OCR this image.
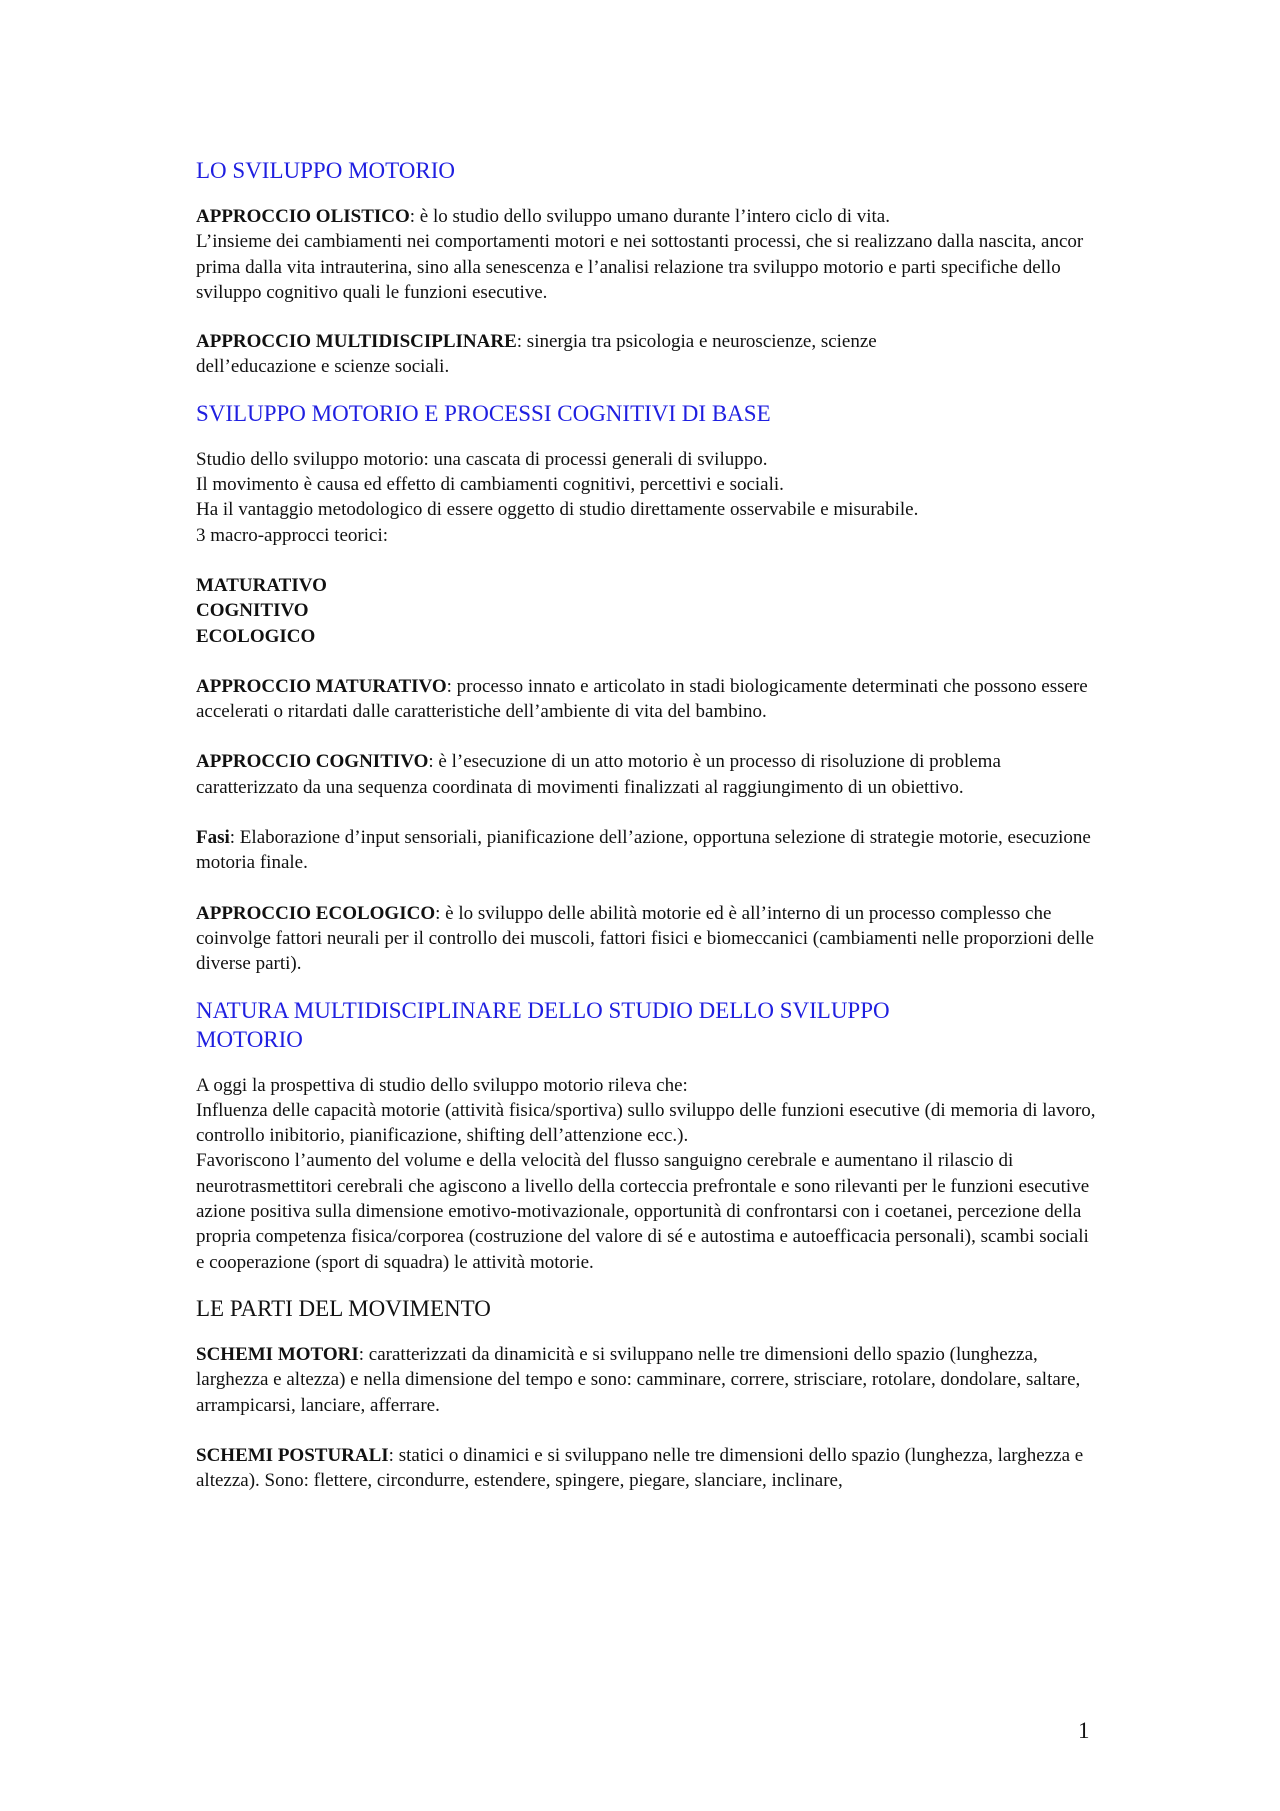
LO SVILUPPO MOTORIO

APPROCCIO OLISTICO: è lo studio dello sviluppo umano durante l’intero ciclo di vita.
L’insieme dei cambiamenti nei comportamenti motori e nei sottostanti processi, che si realizzano dalla nascita, ancor prima dalla vita intrauterina, sino alla senescenza e l’analisi relazione tra sviluppo motorio e parti specifiche dello sviluppo cognitivo quali le funzioni esecutive.

APPROCCIO MULTIDISCIPLINARE: sinergia tra psicologia e neuroscienze, scienze
dell’educazione e scienze sociali.

SVILUPPO MOTORIO E PROCESSI COGNITIVI DI BASE

Studio dello sviluppo motorio: una cascata di processi generali di sviluppo.
Il movimento è causa ed effetto di cambiamenti cognitivi, percettivi e sociali.
Ha il vantaggio metodologico di essere oggetto di studio direttamente osservabile e misurabile.
3 macro-approcci teorici:

MATURATIVO
COGNITIVO
ECOLOGICO

APPROCCIO MATURATIVO: processo innato e articolato in stadi biologicamente determinati che possono essere accelerati o ritardati dalle caratteristiche dell’ambiente di vita del bambino.

APPROCCIO COGNITIVO: è l’esecuzione di un atto motorio è un processo di risoluzione di problema caratterizzato da una sequenza coordinata di movimenti finalizzati al raggiungimento di un obiettivo.

Fasi: Elaborazione d’input sensoriali, pianificazione dell’azione, opportuna selezione di strategie motorie, esecuzione motoria finale.

APPROCCIO ECOLOGICO: è lo sviluppo delle abilità motorie ed è all’interno di un processo complesso che coinvolge fattori neurali per il controllo dei muscoli, fattori fisici e biomeccanici (cambiamenti nelle proporzioni delle diverse parti).

NATURA MULTIDISCIPLINARE DELLO STUDIO DELLO SVILUPPO MOTORIO

A oggi la prospettiva di studio dello sviluppo motorio rileva che:
Influenza delle capacità motorie (attività fisica/sportiva) sullo sviluppo delle funzioni esecutive (di memoria di lavoro, controllo inibitorio, pianificazione, shifting dell’attenzione ecc.).
Favoriscono l’aumento del volume e della velocità del flusso sanguigno cerebrale e aumentano il rilascio di neurotrasmettitori cerebrali che agiscono a livello della corteccia prefrontale e sono rilevanti per le funzioni esecutive azione positiva sulla dimensione emotivo-motivazionale, opportunità di confrontarsi con i coetanei, percezione della propria competenza fisica/corporea (costruzione del valore di sé e autostima e autoefficacia personali), scambi sociali e cooperazione (sport di squadra) le attività motorie.

LE PARTI DEL MOVIMENTO

SCHEMI MOTORI: caratterizzati da dinamicità e si sviluppano nelle tre dimensioni dello spazio (lunghezza, larghezza e altezza) e nella dimensione del tempo e sono: camminare, correre, strisciare, rotolare, dondolare, saltare, arrampicarsi, lanciare, afferrare.

SCHEMI POSTURALI: statici o dinamici e si sviluppano nelle tre dimensioni dello spazio (lunghezza, larghezza e altezza). Sono: flettere, circondurre, estendere, spingere, piegare, slanciare, inclinare,

1
